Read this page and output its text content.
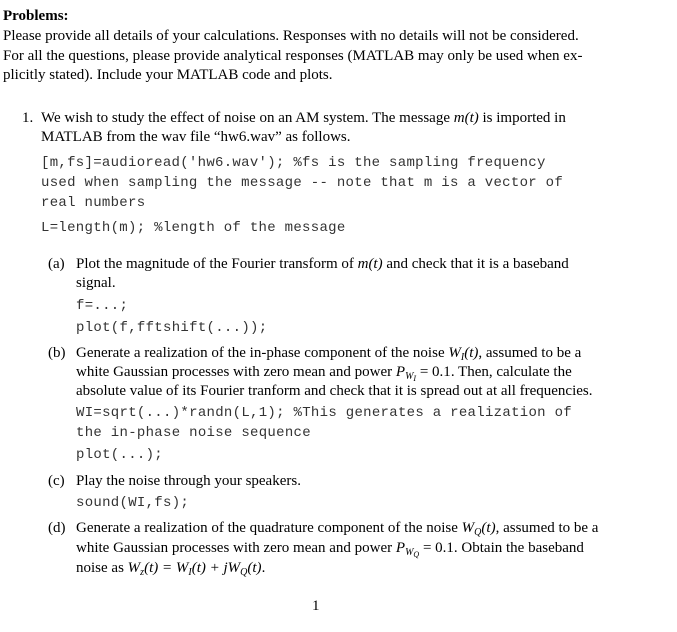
Problems:
Please provide all details of your calculations. Responses with no details will not be considered.
For all the questions, please provide analytical responses (MATLAB may only be used when ex-
plicitly stated). Include your MATLAB code and plots.
1. We wish to study the effect of noise on an AM system. The message m(t) is imported in
MATLAB from the wav file “hw6.wav” as follows.
[m,fs]=audioread('hw6.wav'); %fs is the sampling frequency
used when sampling the message -- note that m is a vector of
real numbers
L=length(m); %length of the message
(a) Plot the magnitude of the Fourier transform of m(t) and check that it is a baseband
signal.
f=...;
plot(f,fftshift(...));
(b) Generate a realization of the in-phase component of the noise $W_I(t)$, assumed to be a
white Gaussian processes with zero mean and power $P_{WI} = 0.1$. Then, calculate the
absolute value of its Fourier tranform and check that it is spread out at all frequencies.
WI=sqrt(...)*randn(L,1); %This generates a realization of
the in-phase noise sequence
plot(...);
(c) Play the noise through your speakers.
sound(WI,fs);
(d) Generate a realization of the quadrature component of the noise $W_Q(t)$, assumed to be a
white Gaussian processes with zero mean and power $P_{WQ} = 0.1$. Obtain the baseband
noise as $W_z(t) = W_I(t) + jW_Q(t)$.
1
